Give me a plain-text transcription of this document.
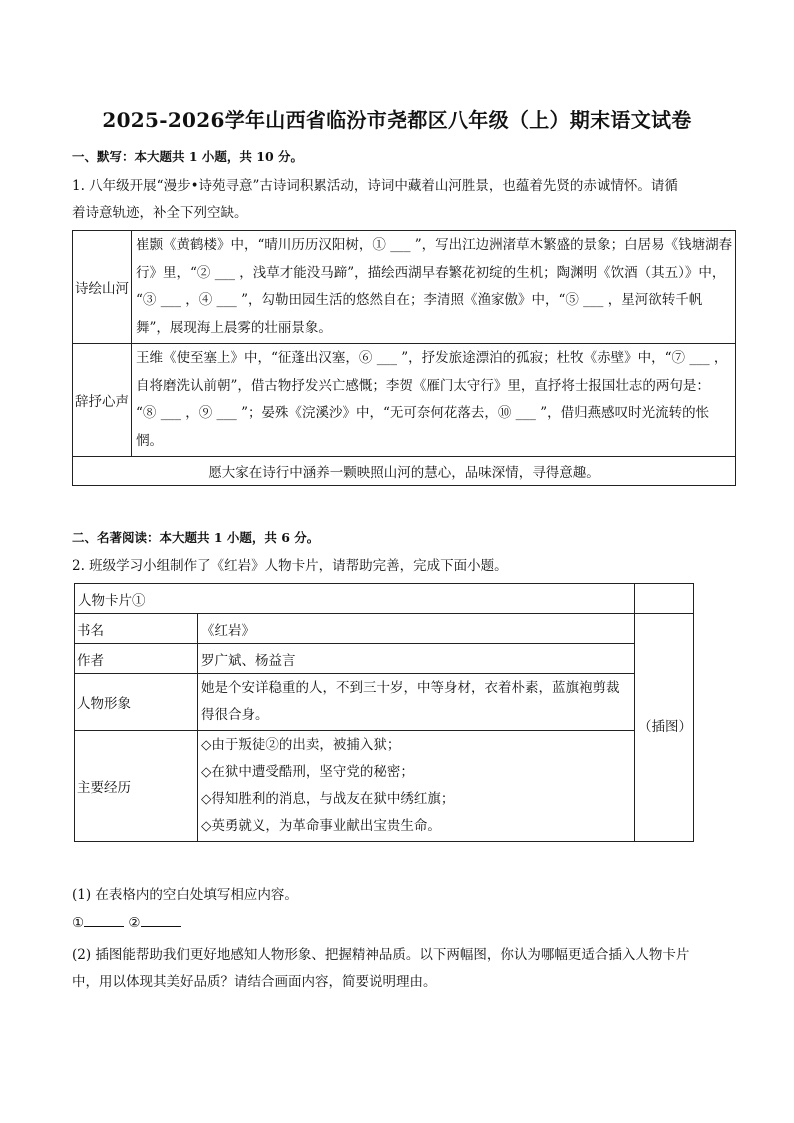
2025-2026学年山西省临汾市尧都区八年级（上）期末语文试卷
一、默写：本大题共 1 小题，共 10 分。
1. 八年级开展“漫步•诗苑寻意”古诗词积累活动，诗词中藏着山河胜景，也蕴着先贤的赤诚情怀。请循
着诗意轨迹，补全下列空缺。
诗绘山河	崔颢《黄鹤楼》中，“晴川历历汉阳树，① ___ ”，写出江边洲渚草木繁盛的景象；白居易《钱塘湖春
行》里，“② ___ ，浅草才能没马蹄”，描绘西湖早春繁花初绽的生机；陶渊明《饮酒（其五）》中，
“③ ___ ，④ ___ ”，勾勒田园生活的悠然自在；李清照《渔家傲》中，“⑤ ___ ，星河欲转千帆
舞”，展现海上晨雾的壮丽景象。

辞抒心声	王维《使至塞上》中，“征蓬出汉塞，⑥ ___ ”，抒发旅途漂泊的孤寂；杜牧《赤壁》中，“⑦ ___ ，
自将磨洗认前朝”，借古物抒发兴亡感慨；李贺《雁门太守行》里，直抒将士报国壮志的两句是：
“⑧ ___ ，⑨ ___ ”；晏殊《浣溪沙》中，“无可奈何花落去，⑩ ___ ”，借归燕感叹时光流转的怅
惘。

愿大家在诗行中涵养一颗映照山河的慧心，品味深情，寻得意趣。	
二、名著阅读：本大题共 1 小题，共 6 分。
2. 班级学习小组制作了《红岩》人物卡片，请帮助完善，完成下面小题。
人物卡片①		
书名	《红岩》	（插图）
作者	罗广斌、杨益言	
人物形象	她是个安详稳重的人，不到三十岁，中等身材，衣着朴素，蓝旗袍剪裁得很合身。	
主要经历	◇由于叛徒②的出卖，被捕入狱；
◇在狱中遭受酷刑，坚守党的秘密；
◇得知胜利的消息，与战友在狱中绣红旗；
◇英勇就义，为革命事业献出宝贵生命。	
(1) 在表格内的空白处填写相应内容。
①	②
(2) 插图能帮助我们更好地感知人物形象、把握精神品质。以下两幅图，你认为哪幅更适合插入人物卡片
中，用以体现其美好品质？请结合画面内容，简要说明理由。
